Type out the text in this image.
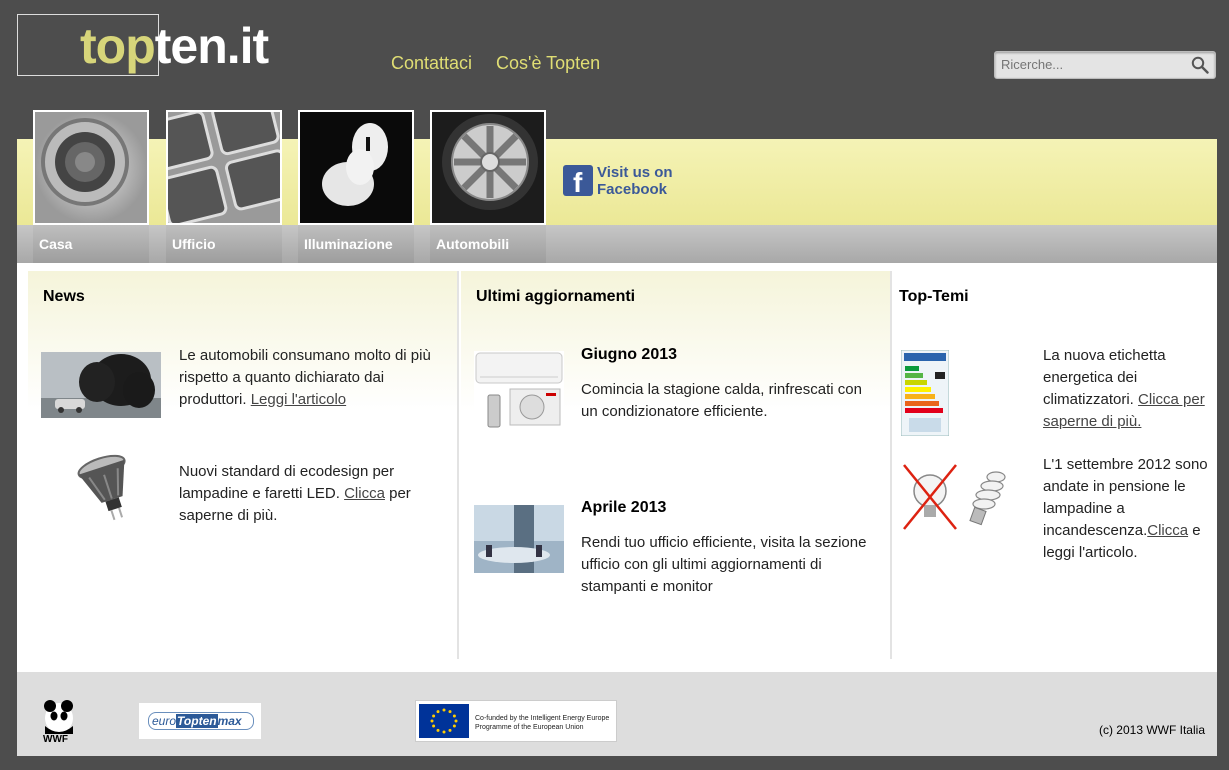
topten.it	Contattaci Cos'è Topten
Ricerche...
Casa	Ufficio	Illuminazione	Automobili
f Visit us on
Facebook
News
Le automobili consumano molto di più rispetto a quanto dichiarato dai produttori. Leggi l'articolo
Nuovi standard di ecodesign per lampadine e faretti LED. Clicca per saperne di più.
Ultimi aggiornamenti
Giugno 2013
Comincia la stagione calda, rinfrescati con un condizionatore efficiente.
Aprile 2013
Rendi tuo ufficio efficiente, visita la sezione ufficio con gli ultimi aggiornamenti di stampanti e monitor
Top-Temi
La nuova etichetta energetica dei climatizzatori. Clicca per saperne di più.
L'1 settembre 2012 sono andate in pensione le lampadine a incandescenza.Clicca e leggi l'articolo.
WWF
euroToptenmax	Co-funded by the Intelligent Energy Europe
Programme of the European Union	(c) 2013 WWF Italia
